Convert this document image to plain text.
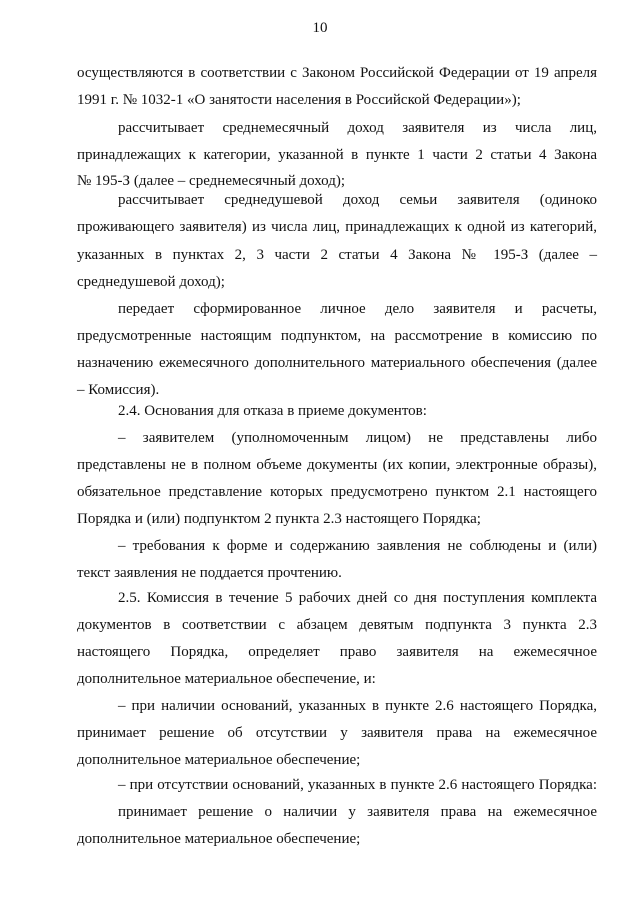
10
осуществляются в соответствии с Законом Российской Федерации от 19 апреля
1991 г. № 1032-1 «О занятости населения в Российской Федерации»);
рассчитывает среднемесячный доход заявителя из числа лиц,
принадлежащих к категории, указанной в пункте 1 части 2 статьи 4 Закона
№ 195-З (далее – среднемесячный доход);
рассчитывает среднедушевой доход семьи заявителя (одиноко
проживающего заявителя) из числа лиц, принадлежащих к одной из категорий,
указанных в пунктах 2, 3 части 2 статьи 4 Закона № 195-З (далее –
среднедушевой доход);
передает сформированное личное дело заявителя и расчеты,
предусмотренные настоящим подпунктом, на рассмотрение в комиссию по
назначению ежемесячного дополнительного материального обеспечения (далее
– Комиссия).
2.4. Основания для отказа в приеме документов:
– заявителем (уполномоченным лицом) не представлены либо
представлены не в полном объеме документы (их копии, электронные образы),
обязательное представление которых предусмотрено пунктом 2.1 настоящего
Порядка и (или) подпунктом 2 пункта 2.3 настоящего Порядка;
– требования к форме и содержанию заявления не соблюдены и (или)
текст заявления не поддается прочтению.
2.5. Комиссия в течение 5 рабочих дней со дня поступления комплекта
документов в соответствии с абзацем девятым подпункта 3 пункта 2.3
настоящего Порядка, определяет право заявителя на ежемесячное
дополнительное материальное обеспечение, и:
– при наличии оснований, указанных в пункте 2.6 настоящего Порядка,
принимает решение об отсутствии у заявителя права на ежемесячное
дополнительное материальное обеспечение;
– при отсутствии оснований, указанных в пункте 2.6 настоящего Порядка:
принимает решение о наличии у заявителя права на ежемесячное
дополнительное материальное обеспечение;
